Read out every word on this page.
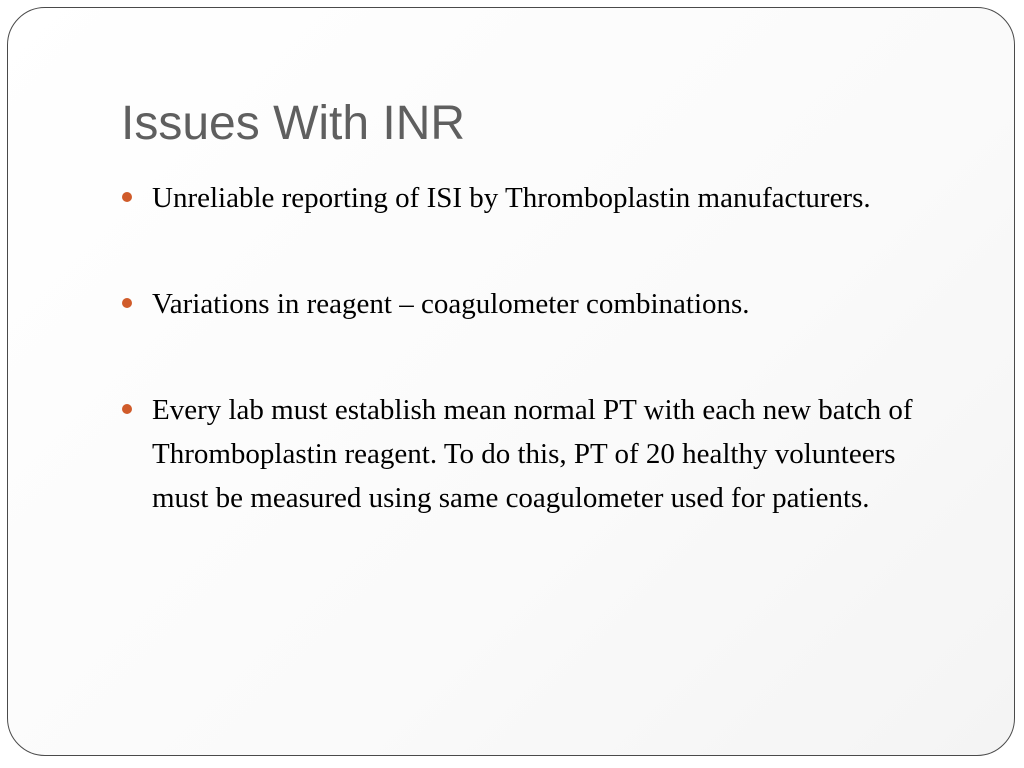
Issues With INR
Unreliable reporting of ISI by Thromboplastin manufacturers.
Variations in reagent – coagulometer combinations.
Every lab must establish mean normal PT with each new batch of Thromboplastin reagent. To do this, PT of 20 healthy volunteers must be measured using same coagulometer used for patients.
